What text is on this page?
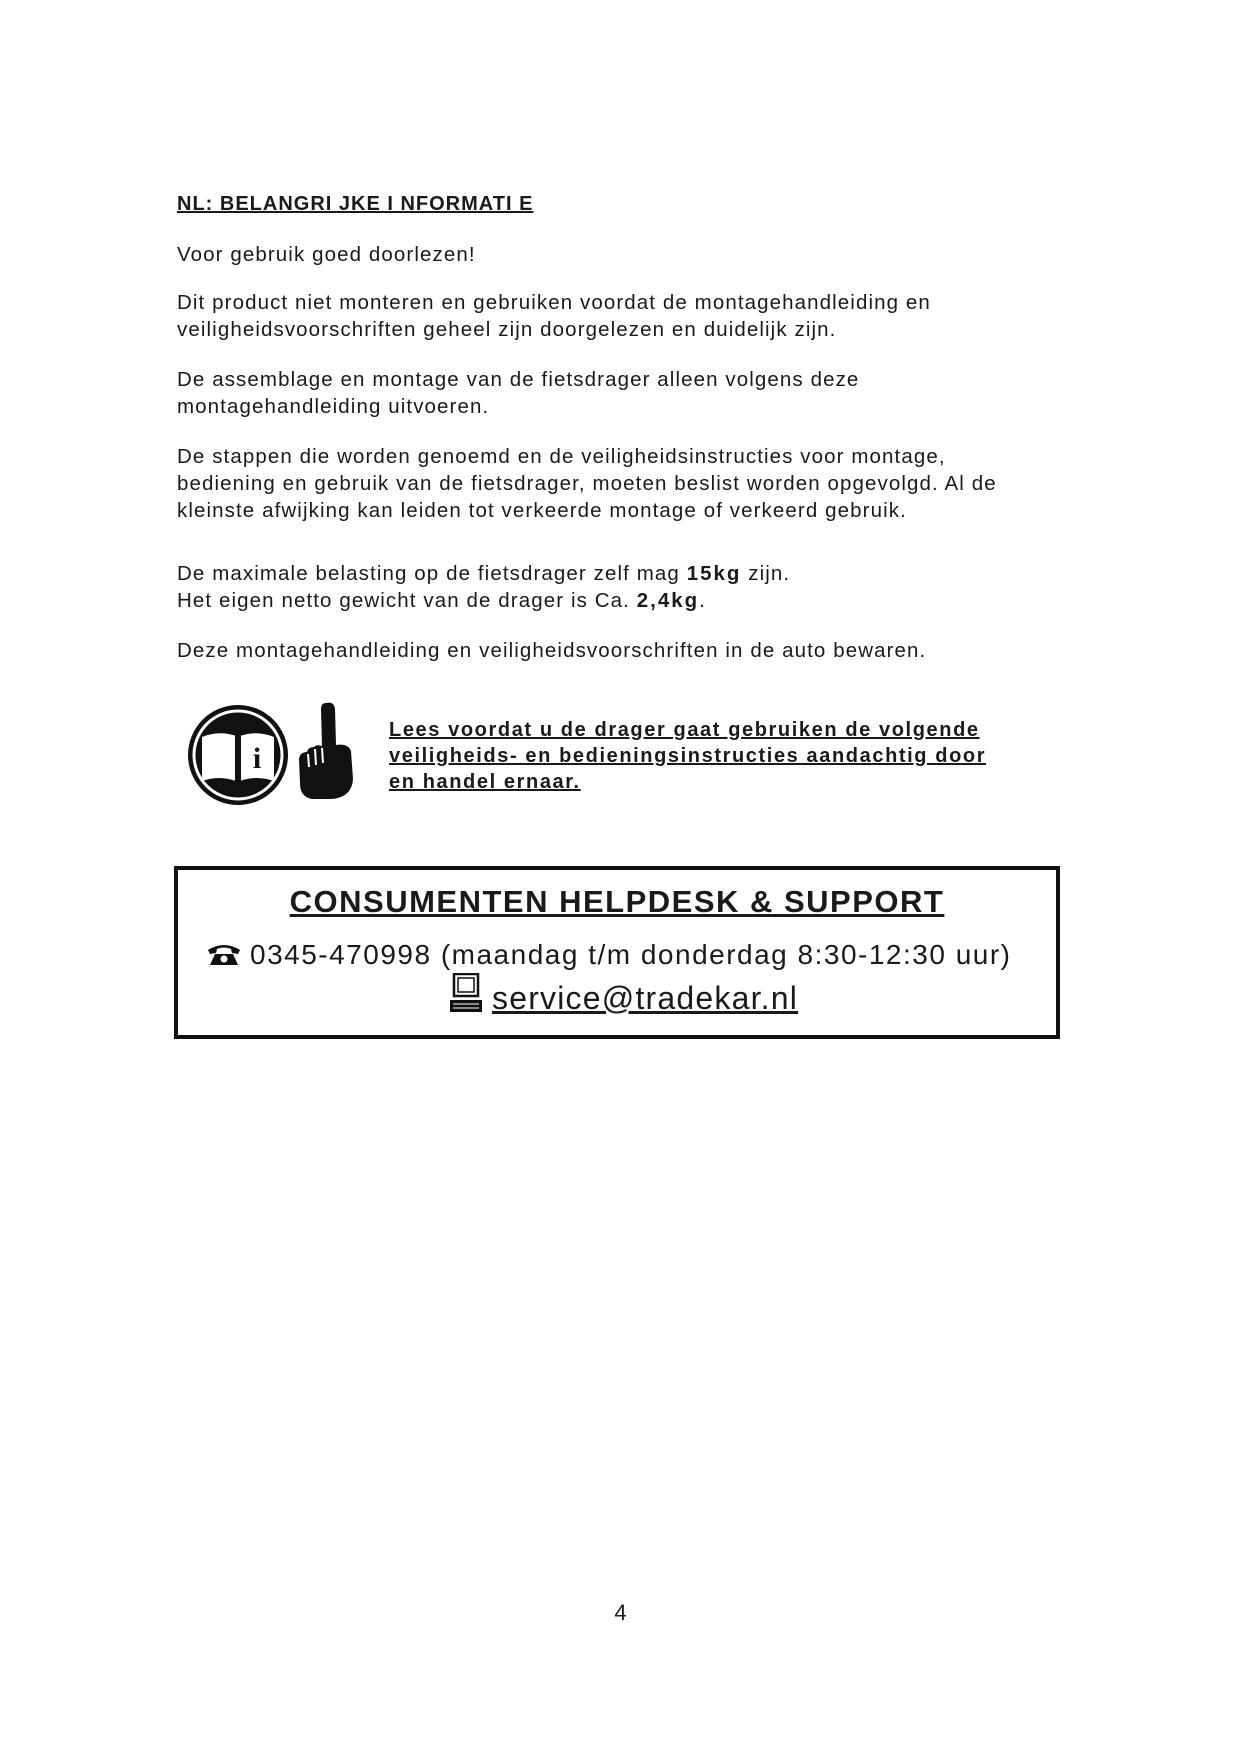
NL: BELANGRI JKE I NFORMATI E

Voor gebruik goed doorlezen!

Dit product niet monteren en gebruiken voordat de montagehandleiding en

veiligheidsvoorschriften geheel zijn doorgelezen en duidelijk zijn.

De assemblage en montage van de fietsdrager alleen volgens deze

montagehandleiding uitvoeren.

De stappen die worden genoemd en de veiligheidsinstructies voor montage,

bediening en gebruik van de fietsdrager, moeten beslist worden opgevolgd. Al de

kleinste afwijking kan leiden tot verkeerde montage of verkeerd gebruik.

De maximale belasting op de fietsdrager zelf mag 15kg zijn.

Het eigen netto gewicht van de drager is Ca. 2,4kg.

Deze montagehandleiding en veiligheidsvoorschriften in de auto bewaren.

i
Lees voordat u de drager gaat gebruiken de volgende
veiligheids- en bedieningsinstructies aandachtig door
en handel ernaar.
CONSUMENTEN HELPDESK & SUPPORT
0345-470998 (maandag t/m donderdag 8:30-12:30 uur)
service@tradekar.nl
4
